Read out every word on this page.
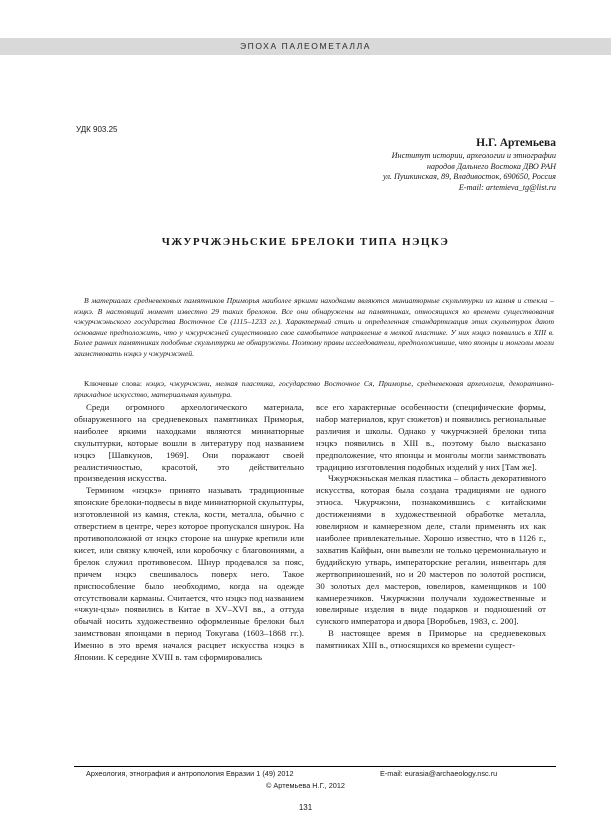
ЭПОХА ПАЛЕОМЕТАЛЛА
УДК 903.25
Н.Г. Артемьева
Институт истории, археологии и этнографии
народов Дальнего Востока ДВО РАН
ул. Пушкинская, 89, Владивосток, 690650, Россия
E-mail: artemieva_tg@list.ru
ЧЖУРЧЖЭНЬСКИЕ БРЕЛОКИ ТИПА НЭЦКЭ

В материалах средневековых памятников Приморья наиболее яркими находками являются миниатюрные скульптурки из камня и стекла – нэцкэ. В настоящий момент известно 29 таких брелоков. Все они обнаружены на памятниках, относящихся ко времени существования чжурчжэньского государства Восточное Ся (1115–1233 гг.). Характерный стиль и определенная стандартизация этих скульптурок дают основание предположить, что у чжурчжэней существовало свое самобытное направление в мелкой пластике. У них нэцкэ появились в XIII в. Более ранних памятниках подобные скульптурки не обнаружены. Поэтому правы исследователи, предположившие, что японцы и монголы могли заимствовать нэцкэ у чжурчжэней.

Ключевые слова: нэцкэ, чжурчжэни, мелкая пластика, государство Восточное Ся, Приморье, средневековая археология, декоративно-прикладное искусство, материальная культура.

Среди огромного археологического материала, обнаруженного на средневековых памятниках Приморья, наиболее яркими находками являются миниатюрные скульптурки, которые вошли в литературу под названием нэцкэ [Шавкунов, 1969]. Они поражают своей реалистичностью, красотой, это действительно произведения искусства.

Термином «нэцкэ» принято называть традиционные японские брелоки-подвесы в виде миниатюрной скульптуры, изготовленной из камня, стекла, кости, металла, обычно с отверстием в центре, через которое пропускался шнурок. На противоположной от нэцкэ стороне на шнурке крепили или кисет, или связку ключей, или коробочку с благовониями, а брелок служил противовесом. Шнур продевался за пояс, причем нэцкэ свешивалось поверх него. Такое приспособление было необходимо, когда на одежде отсутствовали карманы. Считается, что нэцкэ под названием «чжун-цзы» появились в Китае в XV–XVI вв., а оттуда обычай носить художественно оформленные брелоки был заимствован японцами в период Токугава (1603–1868 гг.). Именно в это время начался расцвет искусства нэцкэ в Японии. К середине XVIII в. там сформировались

все его характерные особенности (специфические формы, набор материалов, круг сюжетов) и появились региональные различия и школы. Однако у чжурчжэней брелоки типа нэцкэ появились в XIII в., поэтому было высказано предположение, что японцы и монголы могли заимствовать традицию изготовления подобных изделий у них [Там же].

Чжурчжэньская мелкая пластика – область декоративного искусства, которая была создана традициями не одного этноса. Чжурчжэни, познакомившись с китайскими достижениями в художественной обработке металла, ювелирном и камнерезном деле, стали применять их как наиболее привлекательные. Хорошо известно, что в 1126 г., захватив Кайфын, они вывезли не только церемониальную и буддийскую утварь, императорские регалии, инвентарь для жертвоприношений, но и 20 мастеров по золотой росписи, 30 золотых дел мастеров, ювелиров, каменщиков и 100 камнерезчиков. Чжурчжэни получали художественные и ювелирные изделия в виде подарков и подношений от сунского императора и двора [Воробьев, 1983, с. 200].

В настоящее время в Приморье на средневековых памятниках XIII в., относящихся ко времени сущест-

Археология, этнография и антропология Евразии 1 (49) 2012	E-mail: eurasia@archaeology.nsc.ru
© Артемьева Н.Г., 2012
131
